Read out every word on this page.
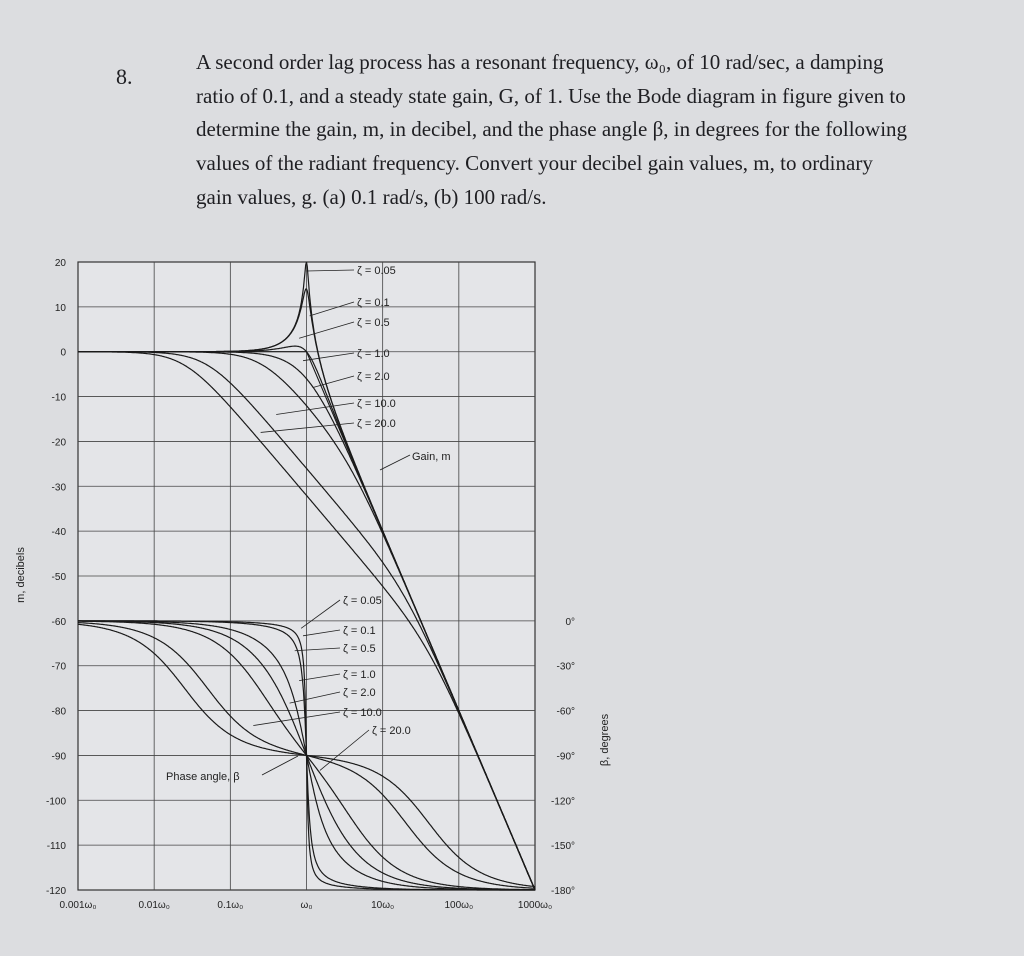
8.
A second order lag process has a resonant frequency, ω₀, of 10 rad/sec, a damping
ratio of 0.1, and a steady state gain, G, of 1. Use the Bode diagram in figure given to
determine the gain, m, in decibel, and the phase angle β, in degrees for the following
values of the radiant frequency. Convert your decibel gain values, m, to ordinary
gain values, g. (a) 0.1 rad/s, (b) 100 rad/s.
20
10
0
-10
-20
-30
-40
-50
-60
-70
-80
-90
-100
-110
-120
0°
-30°
-60°
-90°
-120°
-150°
-180°
0.001ω₀	0.01ω₀	0.1ω₀	ω₀	10ω₀	100ω₀	1000ω₀
m, decibels
β, degrees
ζ = 0.05
ζ = 0.1
ζ = 0.5
ζ = 1.0
ζ = 2.0
ζ = 10.0
ζ = 20.0
Gain, m
ζ = 0.05
ζ = 0.1
ζ = 0.5
ζ = 1.0
ζ = 2.0
ζ = 10.0
ζ = 20.0
Phase angle, β
